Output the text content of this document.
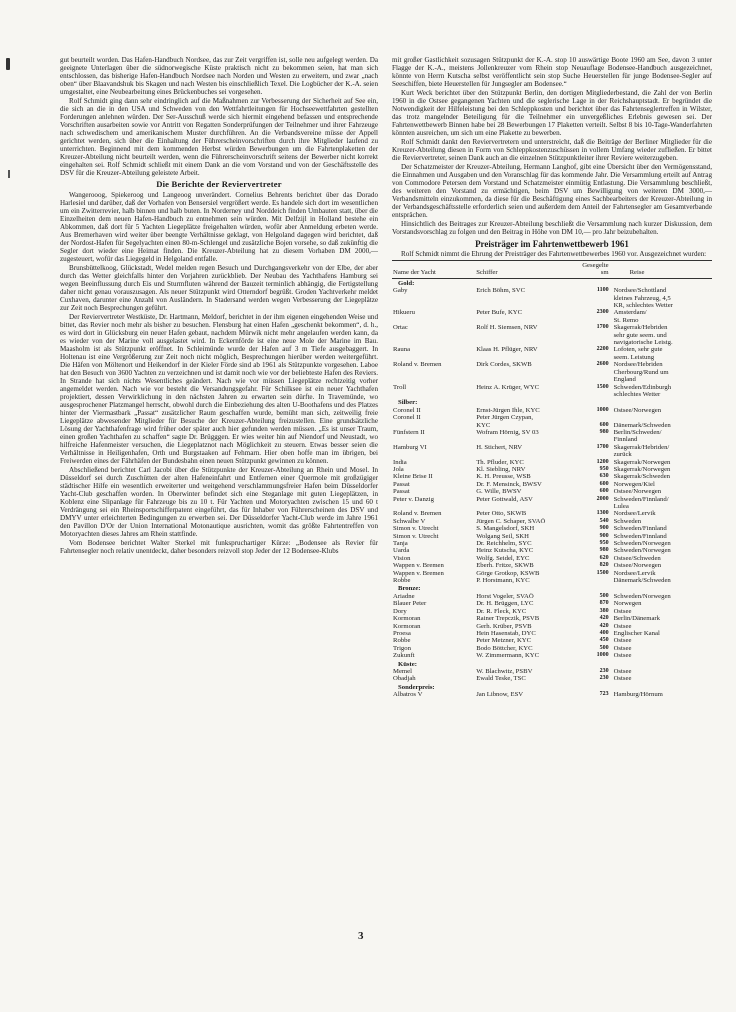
gut beurteilt worden. Das Hafen-Handbuch Nordsee, das zur Zeit vergriffen ist, solle neu aufgelegt werden. Da geeignete Unterlagen über die südnorwegische Küste praktisch nicht zu bekommen seien, hat man sich entschlossen, das bisherige Hafen-Handbuch Nordsee nach Norden und Westen zu erweitern, und zwar „nach oben“ über Blaavandshuk bis Skagen und nach Westen bis einschließlich Texel. Die Logbücher der K.-A. seien umgestaltet, eine Neubearbeitung eines Brückenbuches sei vorgesehen.

Rolf Schmidt ging dann sehr eindringlich auf die Maßnahmen zur Verbesserung der Sicherheit auf See ein, die sich an die in den USA und Schweden von den Wettfahrtleitungen für Hochseewettfahrten gestellten Forderungen anlehnen würden. Der Ser-Ausschuß werde sich hiermit eingehend befassen und entsprechende Vorschriften ausarbeiten sowie vor Antritt von Regatten Sonderprüfungen der Teilnehmer und ihrer Fahrzeuge nach schwedischem und amerikanischem Muster durchführen. An die Verbandsvereine müsse der Appell gerichtet werden, sich über die Einhaltung der Führerscheinvorschriften durch ihre Mitglieder laufend zu unterrichten. Beginnend mit dem kommenden Herbst würden Bewerbungen um die Fahrtenplaketten der Kreuzer-Abteilung nicht beurteilt werden, wenn die Führerscheinvorschrift seitens der Bewerber nicht korrekt eingehalten sei. Rolf Schmidt schließt mit einem Dank an die vom Vorstand und von der Geschäftsstelle des DSV für die Kreuzer-Abteilung geleistete Arbeit.

Die Berichte der Reviervertreter

Wangerooog, Spiekeroog und Langeoog unverändert. Cornelius Behrents berichtet über das Dorado Harlesiel und darüber, daß der Vorhafen von Bensersiel vergrößert werde. Es handele sich dort im wesentlichen um ein Zwitterrevier, halb binnen und halb buten. In Norderney und Norddeich finden Umbauten statt, über die Einzelheiten dem neuen Hafen-Handbuch zu entnehmen sein würden. Mit Delfzijl in Holland bestehe ein Abkommen, daß dort für 5 Yachten Liegeplätze freigehalten würden, wofür aber Anmeldung erbeten werde. Aus Bremerhaven wird weiter über beengte Verhältnisse geklagt, von Helgoland dagegen wird berichtet, daß der Nordost-Hafen für Segelyachten einen 80-m-Schlengel und zusätzliche Bojen vorsehe, so daß zukünftig die Segler dort wieder eine Heimat finden. Die Kreuzer-Abteilung hat zu diesem Vorhaben DM 2000,— zugesteuert, wofür das Liegegeld in Helgoland entfalle.

Brunsbüttelkoog, Glückstadt, Wedel melden regen Besuch und Durchgangsverkehr von der Elbe, der aber durch das Wetter gleichfalls hinter den Vorjahren zurückblieb. Der Neubau des Yachthafens Hamburg sei wegen Beeinflussung durch Eis und Sturmfluten während der Bauzeit terminlich abhängig, die Fertigstellung daher nicht genau vorauszusagen. Als neuer Stützpunkt wird Otterndorf begrüßt. Groden Yachtverkehr meldet Cuxhaven, darunter eine Anzahl von Ausländern. In Stadersand werden wegen Verbesserung der Liegeplätze zur Zeit noch Besprechungen geführt.

Der Reviervertreter Westküste, Dr. Hartmann, Meldorf, berichtet in der ihm eigenen eingehenden Weise und bittet, das Revier noch mehr als bisher zu besuchen. Flensburg hat einen Hafen „geschenkt bekommen“, d. h., es wird dort in Glücksburg ein neuer Hafen gebaut, nachdem Mürwik nicht mehr angelaufen werden kann, da es wieder von der Marine voll ausgelastet wird. In Eckernförde ist eine neue Mole der Marine im Bau. Maasholm ist als Stützpunkt eröffnet. In Schleimünde wurde der Hafen auf 3 m Tiefe ausgebaggert. In Holtenau ist eine Vergrößerung zur Zeit noch nicht möglich, Besprechungen hierüber werden weitergeführt. Die Häfen von Möltenort und Heikendorf in der Kieler Förde sind ab 1961 als Stützpunkte vorgesehen. Laboe hat den Besuch von 3600 Yachten zu verzeichnen und ist damit noch wie vor der beliebteste Hafen des Reviers. In Strande hat sich nichts Wesentliches geändert. Nach wie vor müssen Liegeplätze rechtzeitig vorher angemeldet werden. Nach wie vor besteht die Versandungsgefahr. Für Schilksee ist ein neuer Yachthafen projektiert, dessen Verwirklichung in den nächsten Jahren zu erwarten sein dürfte. In Travemünde, wo ausgesprochener Platzmangel herrscht, obwohl durch die Einbeziehung des alten U-Boothafens und des Platzes hinter der Viermastbark „Passat“ zusätzlicher Raum geschaffen wurde, bemüht man sich, zeitweilig freie Liegeplätze abwesender Mitglieder für Besuche der Kreuzer-Abteilung freizustellen. Eine grundsätzliche Lösung der Yachthafenfrage wird früher oder später auch hier gefunden werden müssen. „Es ist unser Traum, einen großen Yachthafen zu schaffen“ sagte Dr. Brügggen. Er wies weiter hin auf Niendorf und Neustadt, wo hilfreiche Hafenmeister versuchen, die Liegeplatznot nach Möglichkeit zu steuern. Etwas besser seien die Verhältnisse in Heiligenhafen, Orth und Burgstaaken auf Fehmarn. Hier oben hoffe man im übrigen, bei Freiwerden eines der Fährhäfen der Bundesbahn einen neuen Stützpunkt gewinnen zu können.

Abschließend berichtet Carl Jacobi über die Stützpunkte der Kreuzer-Abteilung an Rhein und Mosel. In Düsseldorf sei durch Zuschütten der alten Hafeneinfahrt und Entfernen einer Quermole mit großzügiger städtischer Hilfe ein wesentlich erweiterter und weitgehend verschlammungsfreier Hafen beim Düsseldorfer Yacht-Club geschaffen worden. In Oberwinter befindet sich eine Steganlage mit guten Liegeplätzen, in Koblenz eine Slipanlage für Fahrzeuge bis zu 10 t. Für Yachten und Motoryachten zwischen 15 und 60 t Verdrängung sei ein Rheinsportschifferpatent eingeführt, das für Inhaber von Führerscheinen des DSV und DMYV unter erleichterten Bedingungen zu erwerben sei. Der Düsseldorfer Yacht-Club werde im Jahre 1961 den Pavillon D'Or der Union International Motonautique ausrichten, womit das größte Fahrtentreffen von Motoryachten dieses Jahres am Rhein stattfinde.

Vom Bodensee berichtet Walter Sterkel mit funkspruchartiger Kürze: „Bodensee als Revier für Fahrtensegler noch relativ unentdeckt, daher besonders reizvoll stop Jeder der 12 Bodensee-Klubs

mit großer Gastlichkeit sozusagen Stützpunkt der K.-A. stop 10 auswärtige Boote 1960 am See, davon 3 unter Flagge der K.-A., meistens Jollenkreuzer vom Rhein stop Neuauflage Bodensee-Handbuch ausgezeichnet, könnte von Herrn Kutscha selbst veröffentlicht sein stop Suche Heuerstellen für junge Bodensee-Segler auf Seeschiffen, biete Heuerstellen für Jungsegler am Bodensee.“

Kurt Weck berichtet über den Stützpunkt Berlin, den dortigen Mitgliederbestand, die Zahl der von Berlin 1960 in die Ostsee gegangenen Yachten und die seglerische Lage in der Reichshauptstadt. Er begründet die Notwendigkeit der Hilfeleistung bei den Schleppkosten und berichtet über das Fahrtenseglertreffen in Wilster, das trotz mangelnder Beteiligung für die Teilnehmer ein unvergeßliches Erlebnis gewesen sei. Der Fahrtenwettbewerb Binnen habe bei 28 Bewerbungen 17 Plaketten verteilt. Selbst 8 bis 10-Tage-Wanderfahrten könnten ausreichen, um sich um eine Plakette zu bewerben.

Rolf Schmidt dankt den Reviervertretern und unterstreicht, daß die Beiträge der Berliner Mitglieder für die Kreuzer-Abteilung diesen in Form von Schleppkostenzuschüssen in vollem Umfang wieder zufließen. Er bittet die Reviervertreter, seinen Dank auch an die einzelnen Stützpunktleiter ihrer Reviere weiterzugeben.

Der Schatzmeister der Kreuzer-Abteilung, Hermann Langhof, gibt eine Übersicht über den Vermögensstand, die Einnahmen und Ausgaben und den Voranschlag für das kommende Jahr. Die Versammlung erteilt auf Antrag von Commodore Petersen dem Vorstand und Schatzmeister einmütig Entlastung. Die Versammlung beschließt, des weiteren den Vorstand zu ermächtigen, beim DSV um Bewilligung von weiteren DM 3000,— Verbandsmitteln einzukommen, da diese für die Beschäftigung eines Sachbearbeiters der Kreuzer-Abteilung in der Verbandsgeschäftsstelle erforderlich seien und außerdem dem Anteil der Fahrtensegler am Gesamtverbande entsprächen.

Hinsichtlich des Beitrages zur Kreuzer-Abteilung beschließt die Versammlung nach kurzer Diskussion, dem Vorstandsvorschlag zu folgen und den Beitrag in Höhe von DM 10,— pro Jahr beizubehalten.

Preisträger im Fahrtenwettbewerb 1961

Rolf Schmidt nimmt die Ehrung der Preisträger des Fahrtenwettbewerbes 1960 vor. Ausgezeichnet wurden:

Name der Yacht	Schiffer	Gesegelte sm	Reise
Gold:			
Gaby	Erich Böhm, SVC	1100	Nordsee/Schottland
			kleines Fahrzeug, 4,5
			KR, schlechtes Wetter
Hikueru	Peter Bufe, KYC	2300	Amsterdam/
			St. Remo
Ortac	Rolf H. Siemsen, NRV	1700	Skagerrak/Hebriden
			sehr gute seem. und
			navigatorische Leistg.
Rauna	Klaas H. Pflüger, NRV	2200	Lofoten, sehr gute
			seem. Leistung
Roland v. Bremen	Dirk Cordes, SKWB	2600	Nordsee/Hebriden
			Cherbourg/Rund um
			England
Troll	Heinz A. Krüger, WYC	1500	Schweden/Edinburgh
			schlechtes Wetter
Silber:			
Coronel II	Ernst-Jürgen Ihle, KYC	1000	Ostsee/Norwegen
Coronel II	Peter Jürgen Czypan,		
	KYC	600	Dänemark/Schweden
Fünfstern II	Wofram Hörnig, SV 03	980	Berlin/Schweden/
			Finnland
Hamburg VI	H. Stichert, NRV	1700	Skagerrak/Hebriden/
			zurück
India	Th. Pfluder, KYC	1200	Skagerrak/Norwegen
Jola	Kl. Siebling, NRV	950	Skagerrak/Norwegen
Kleine Brise II	K. H. Preusse, WSB	630	Skagerrak/Schweden
Passat	Dr. F. Mensinck, BWSV	600	Norwegen/Kiel
Passat	G. Wille, BWSV	600	Ostsee/Norwegen
Peter v. Danzig	Peter Gottwald, ASV	2000	Schweden/Finnland/
			Lulea
Roland v. Bremen	Peter Otto, SKWB	1300	Nordsee/Lervik
Schwalbe V	Jürgen C. Schaper, SVAÖ	540	Schweden
Simon v. Utrecht	S. Mangelsdorf, SKH	900	Schweden/Finnland
Simon v. Utrecht	Wolgang Seil, SKH	900	Schweden/Finnland
Tanja	Dr. Reichhelm, SYC	950	Schweden/Norwegen
Uarda	Heinz Kutscha, KYC	980	Schweden/Norwegen
Vision	Wolfg. Seidel, EYC	620	Ostsee/Schweden
Wappen v. Bremen	Eberh. Fritze, SKWB	820	Ostsee/Norwegen
Wappen v. Bremen	Görge Grotkop, KSWB	1500	Nordsee/Lervik
Robbe	P. Horstmann, KYC		Dänemark/Schweden
Bronze:			
Ariadne	Horst Vogeler, SVAÖ	500	Schweden/Norwegen
Blauer Peter	Dr. H. Brüggen, LYC	870	Norwegen
Dory	Dr. R. Fleck, KYC	380	Ostsee
Kormoran	Rainer Trepczik, PSVB	420	Berlin/Dänemark
Kormoran	Gerh. Krüber, PSVB	420	Ostsee
Proesa	Hein Hasenstab, DYC	400	Englischer Kanal
Robbe	Peter Metzner, KYC	450	Ostsee
Trigon	Bodo Böttcher, KYC	500	Ostsee
Zukunft	W. Zimmermann, KYC	1000	Ostsee
Küste:			
Memel	W. Blachwitz, PSBV	230	Ostsee
Obadjah	Ewald Teske, TSC	230	Ostsee
Sonderpreis:			
Albatros V	Jan Libnow, ESV	723	Hamburg/Hörnum
3
